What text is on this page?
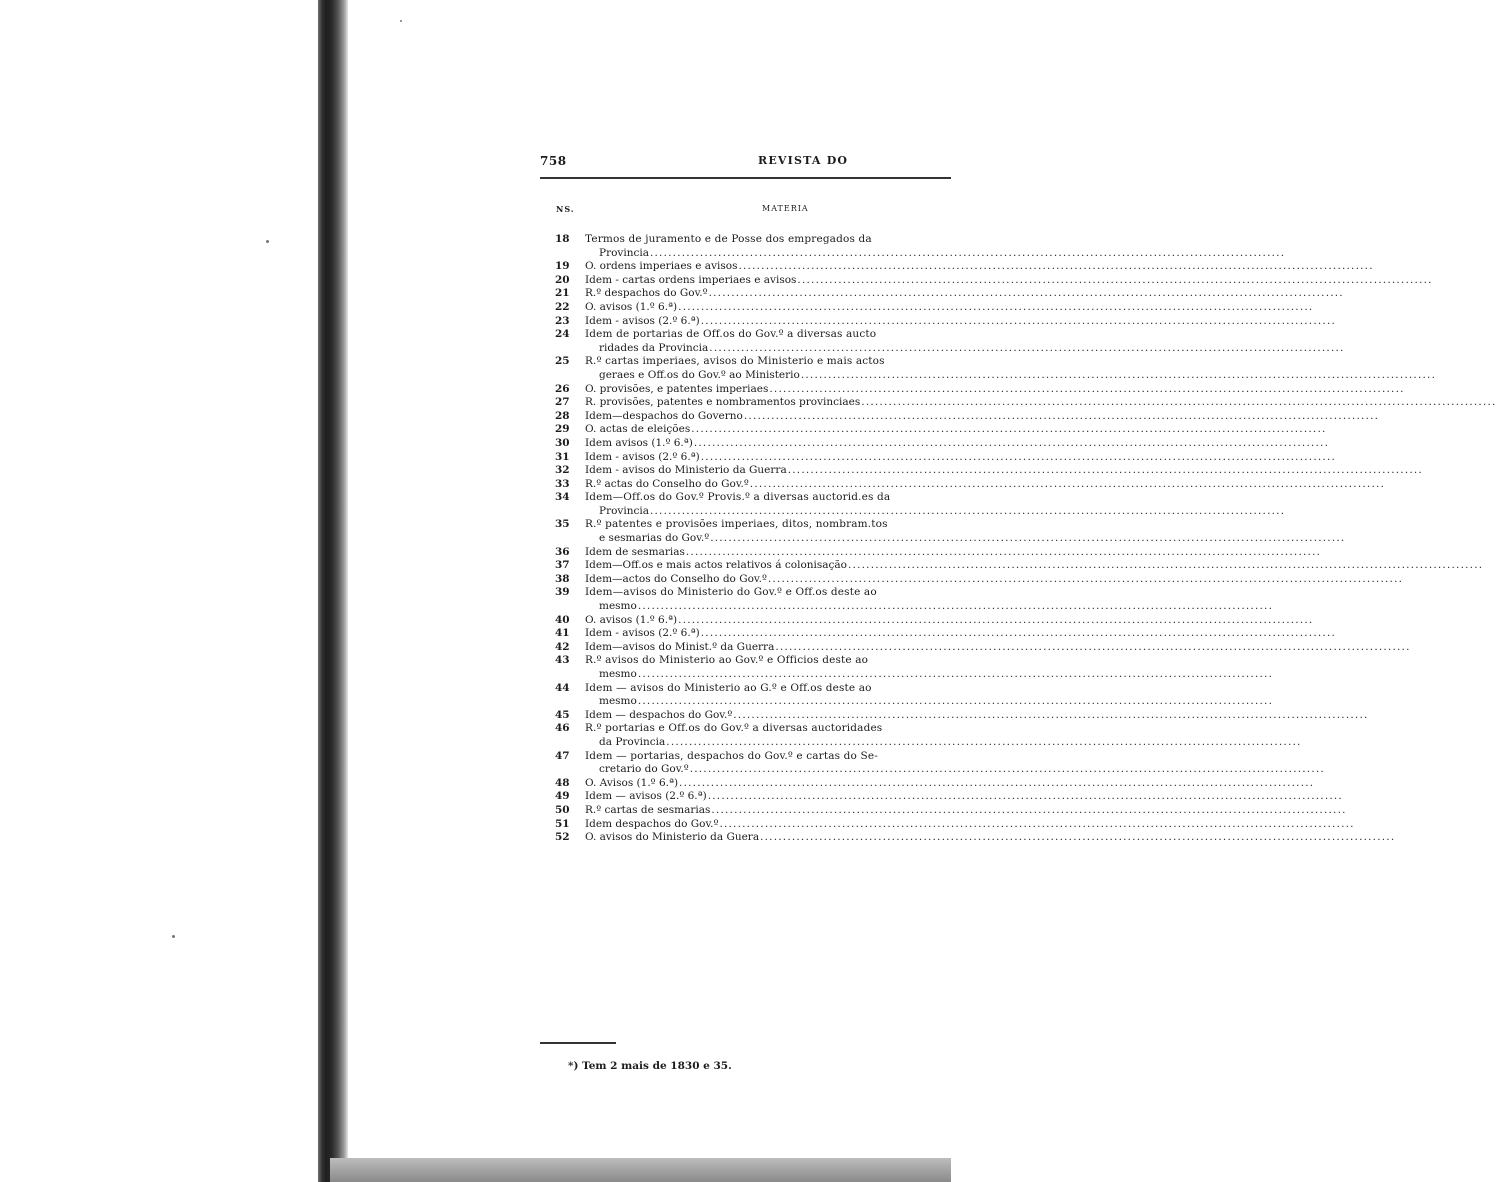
758	REVISTA DO
NS.	MATERIA
18	Termos de juramento e de Posse dos empregados da
Provincia ............................................................................................................................................
19	O. ordens imperiaes e avisos ............................................................................................................................................
20	Idem - cartas ordens imperiaes e avisos ............................................................................................................................................
21	R.º despachos do Gov.º ............................................................................................................................................
22	O. avisos (1.º 6.ª) ............................................................................................................................................
23	Idem - avisos (2.º 6.ª) ............................................................................................................................................
24	Idem de portarias de Off.os do Gov.º a diversas aucto
ridades da Provincia ............................................................................................................................................
25	R.º cartas imperiaes, avisos do Ministerio e mais actos
geraes e Off.os do Gov.º ao Ministerio ............................................................................................................................................
26	O. provisões, e patentes imperiaes ............................................................................................................................................
27	R. provisões, patentes e nombramentos provinciaes ............................................................................................................................................
28	Idem—despachos do Governo ............................................................................................................................................
29	O. actas de eleições ............................................................................................................................................
30	Idem avisos (1.º 6.ª) ............................................................................................................................................
31	Idem - avisos (2.º 6.ª) ............................................................................................................................................
32	Idem - avisos do Ministerio da Guerra ............................................................................................................................................
33	R.º actas do Conselho do Gov.º ............................................................................................................................................
34	Idem—Off.os do Gov.º Provis.º a diversas auctorid.es da
Provincia ............................................................................................................................................
35	R.º patentes e provisões imperiaes, ditos, nombram.tos
e sesmarias do Gov.º ............................................................................................................................................
36	Idem de sesmarias ............................................................................................................................................
37	Idem—Off.os e mais actos relativos á colonisação ............................................................................................................................................
38	Idem—actos do Conselho do Gov.º ............................................................................................................................................
39	Idem—avisos do Ministerio do Gov.º e Off.os deste ao
mesmo ............................................................................................................................................
40	O. avisos (1.º 6.ª) ............................................................................................................................................
41	Idem - avisos (2.º 6.ª) ............................................................................................................................................
42	Idem—avisos do Minist.º da Guerra ............................................................................................................................................
43	R.º avisos do Ministerio ao Gov.º e Officios deste ao
mesmo ............................................................................................................................................
44	Idem — avisos do Ministerio ao G.º e Off.os deste ao
mesmo ............................................................................................................................................
45	Idem — despachos do Gov.º ............................................................................................................................................
46	R.º portarias e Off.os do Gov.º a diversas auctoridades
da Provincia ............................................................................................................................................
47	Idem — portarias, despachos do Gov.º e cartas do Se-
cretario do Gov.º ............................................................................................................................................
48	O. Avisos (1.º 6.ª) ............................................................................................................................................
49	Idem — avisos (2.º 6.ª) ............................................................................................................................................
50	R.º cartas de sesmarias ............................................................................................................................................
51	Idem despachos do Gov.º ............................................................................................................................................
52	O. avisos do Ministerio da Guera ............................................................................................................................................
*) Tem 2 mais de 1830 e 35.
